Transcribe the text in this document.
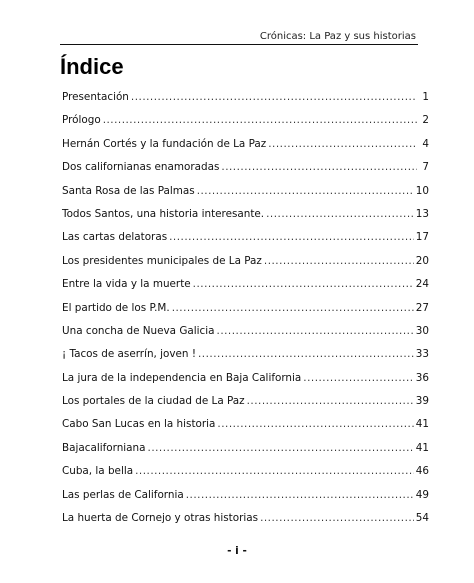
Crónicas: La Paz y sus historias
Índice
Presentación .....	1
Prólogo .....	2
Hernán Cortés y la fundación de La Paz .....	4
Dos californianas enamoradas .....	7
Santa Rosa de las Palmas .....	10
Todos Santos, una historia interesante. .....	13
Las cartas delatoras .....	17
Los presidentes municipales de La Paz .....	20
Entre la vida y la muerte .....	24
El partido de los P.M. .....	27
Una concha de Nueva Galicia .....	30
¡ Tacos de aserrín, joven ! .....	33
La jura de la independencia en Baja California .....	36
Los portales de la ciudad de La Paz .....	39
Cabo San Lucas en la historia .....	41
Bajacaliforniana .....	41
Cuba, la bella .....	46
Las perlas de California .....	49
La huerta de Cornejo y otras historias .....	54
- i -
